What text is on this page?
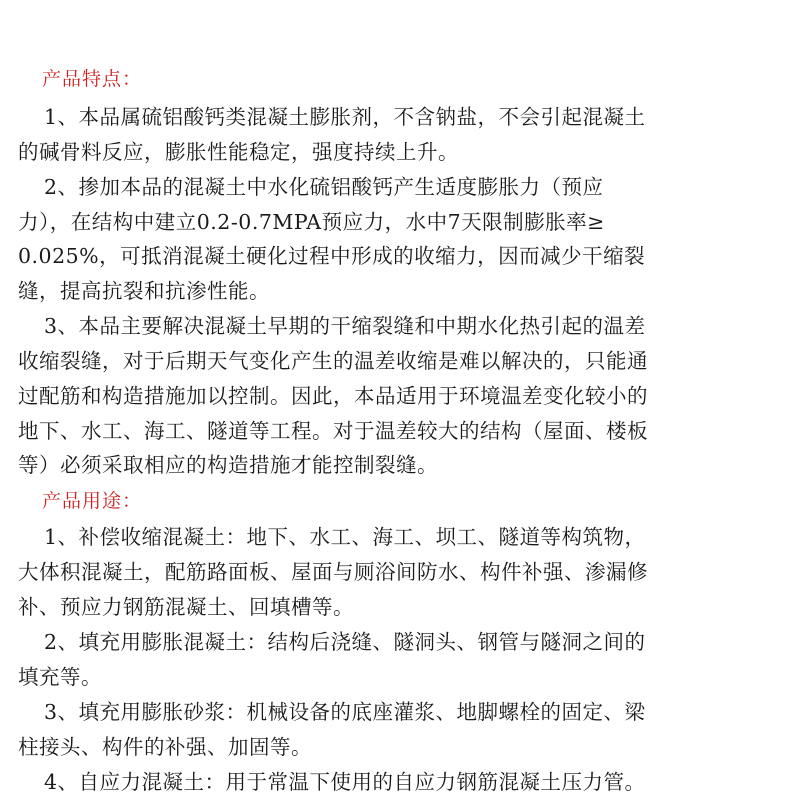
产品特点：
1、本品属硫铝酸钙类混凝土膨胀剂，不含钠盐，不会引起混凝土
的碱骨料反应，膨胀性能稳定，强度持续上升。
2、掺加本品的混凝土中水化硫铝酸钙产生适度膨胀力（预应
力），在结构中建立0.2-0.7MPA预应力，水中7天限制膨胀率≥
0.025%，可抵消混凝土硬化过程中形成的收缩力，因而减少干缩裂
缝，提高抗裂和抗渗性能。
3、本品主要解决混凝土早期的干缩裂缝和中期水化热引起的温差
收缩裂缝，对于后期天气变化产生的温差收缩是难以解决的，只能通
过配筋和构造措施加以控制。因此，本品适用于环境温差变化较小的
地下、水工、海工、隧道等工程。对于温差较大的结构（屋面、楼板
等）必须采取相应的构造措施才能控制裂缝。
产品用途：
1、补偿收缩混凝土：地下、水工、海工、坝工、隧道等构筑物，
大体积混凝土，配筋路面板、屋面与厕浴间防水、构件补强、渗漏修
补、预应力钢筋混凝土、回填槽等。
2、填充用膨胀混凝土：结构后浇缝、隧洞头、钢管与隧洞之间的
填充等。
3、填充用膨胀砂浆：机械设备的底座灌浆、地脚螺栓的固定、梁
柱接头、构件的补强、加固等。
4、自应力混凝土：用于常温下使用的自应力钢筋混凝土压力管。
